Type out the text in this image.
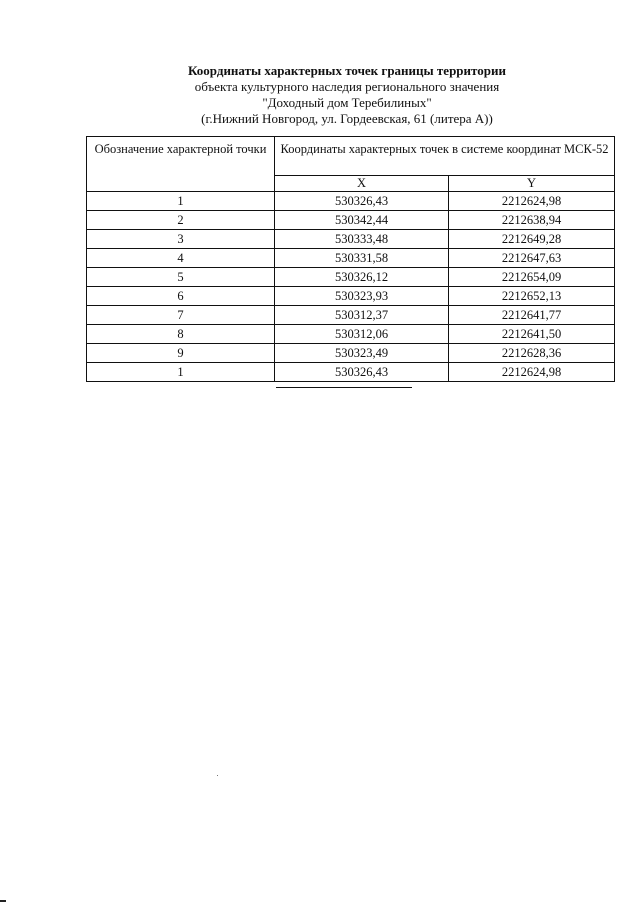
Координаты характерных точек границы территории
объекта культурного наследия регионального значения
"Доходный дом Теребилиных"
(г.Нижний Новгород, ул. Гордеевская, 61 (литера А))
Обозначение характерной точки	Координаты характерных точек в системе координат МСК-52	
	X	Y
1	530326,43	2212624,98
2	530342,44	2212638,94
3	530333,48	2212649,28
4	530331,58	2212647,63
5	530326,12	2212654,09
6	530323,93	2212652,13
7	530312,37	2212641,77
8	530312,06	2212641,50
9	530323,49	2212628,36
1	530326,43	2212624,98
